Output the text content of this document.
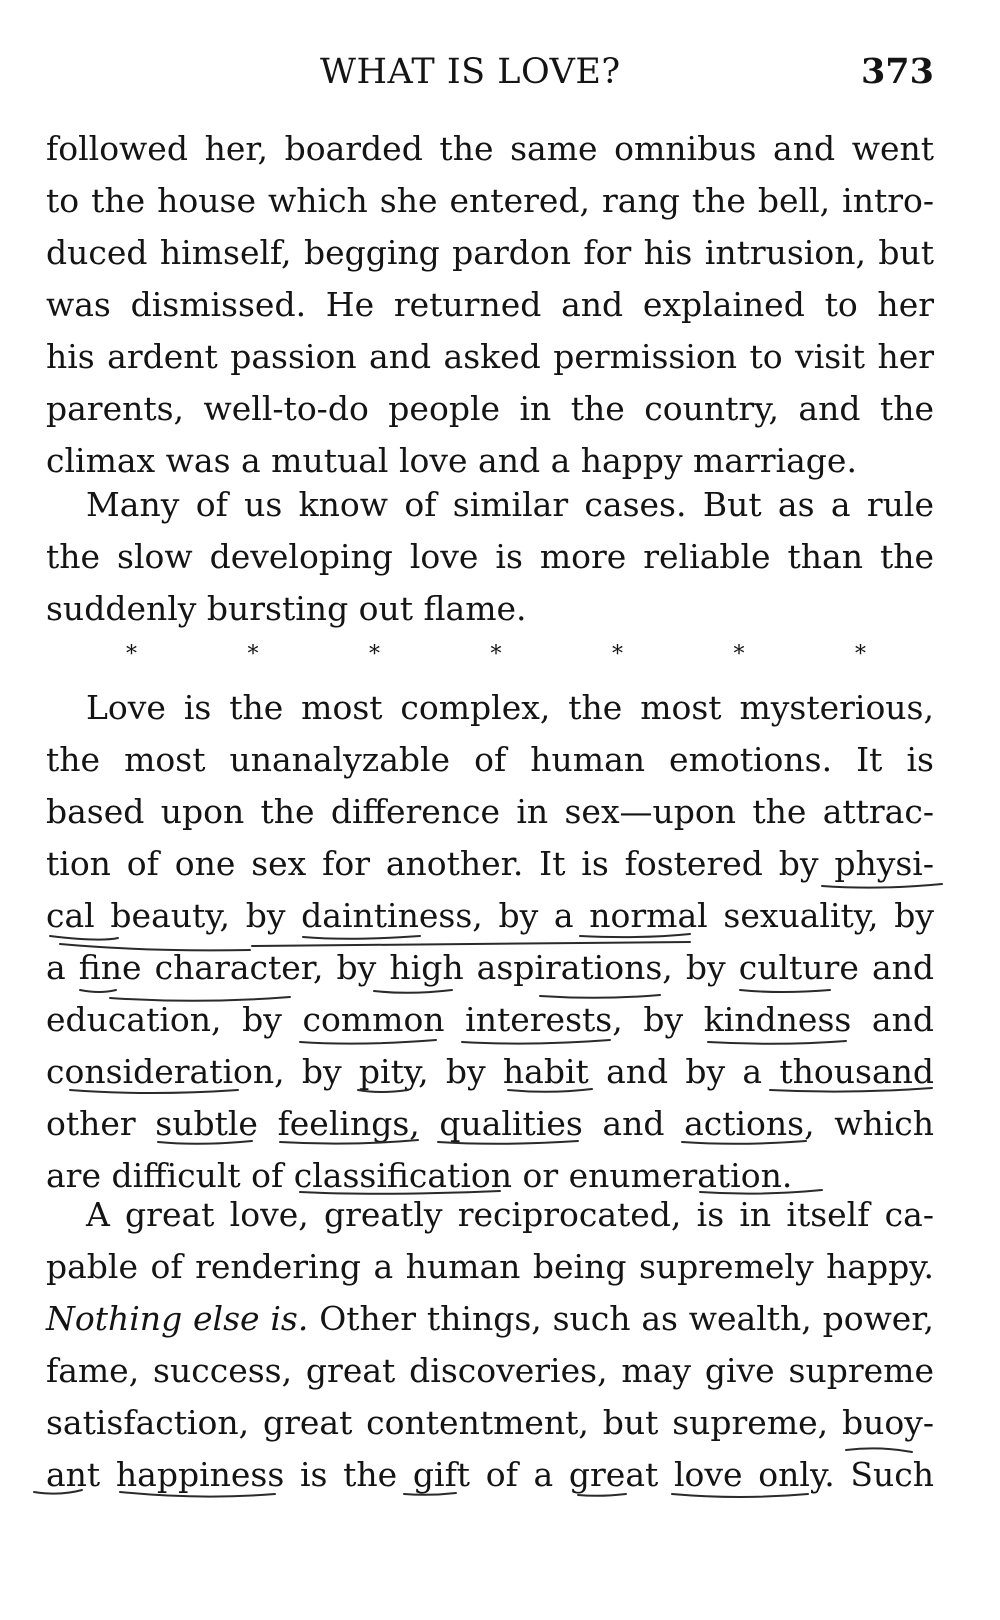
WHAT IS LOVE?	373
followed her, boarded the same omnibus and went
to the house which she entered, rang the bell, intro-
duced himself, begging pardon for his intrusion, but
was dismissed. He returned and explained to her
his ardent passion and asked permission to visit her
parents, well-to-do people in the country, and the
climax was a mutual love and a happy marriage.
Many of us know of similar cases. But as a rule
the slow developing love is more reliable than the
suddenly bursting out flame.
*	*	*	*	*	*	*
Love is the most complex, the most mysterious,
the most unanalyzable of human emotions. It is
based upon the difference in sex—upon the attrac-
tion of one sex for another. It is fostered by physi-
cal beauty, by daintiness, by a normal sexuality, by
a fine character, by high aspirations, by culture and
education, by common interests, by kindness and
consideration, by pity, by habit and by a thousand
other subtle feelings, qualities and actions, which
are difficult of classification or enumeration.
A great love, greatly reciprocated, is in itself ca-
pable of rendering a human being supremely happy.
Nothing else is. Other things, such as wealth, power,
fame, success, great discoveries, may give supreme
satisfaction, great contentment, but supreme, buoy-
ant happiness is the gift of a great love only. Such
